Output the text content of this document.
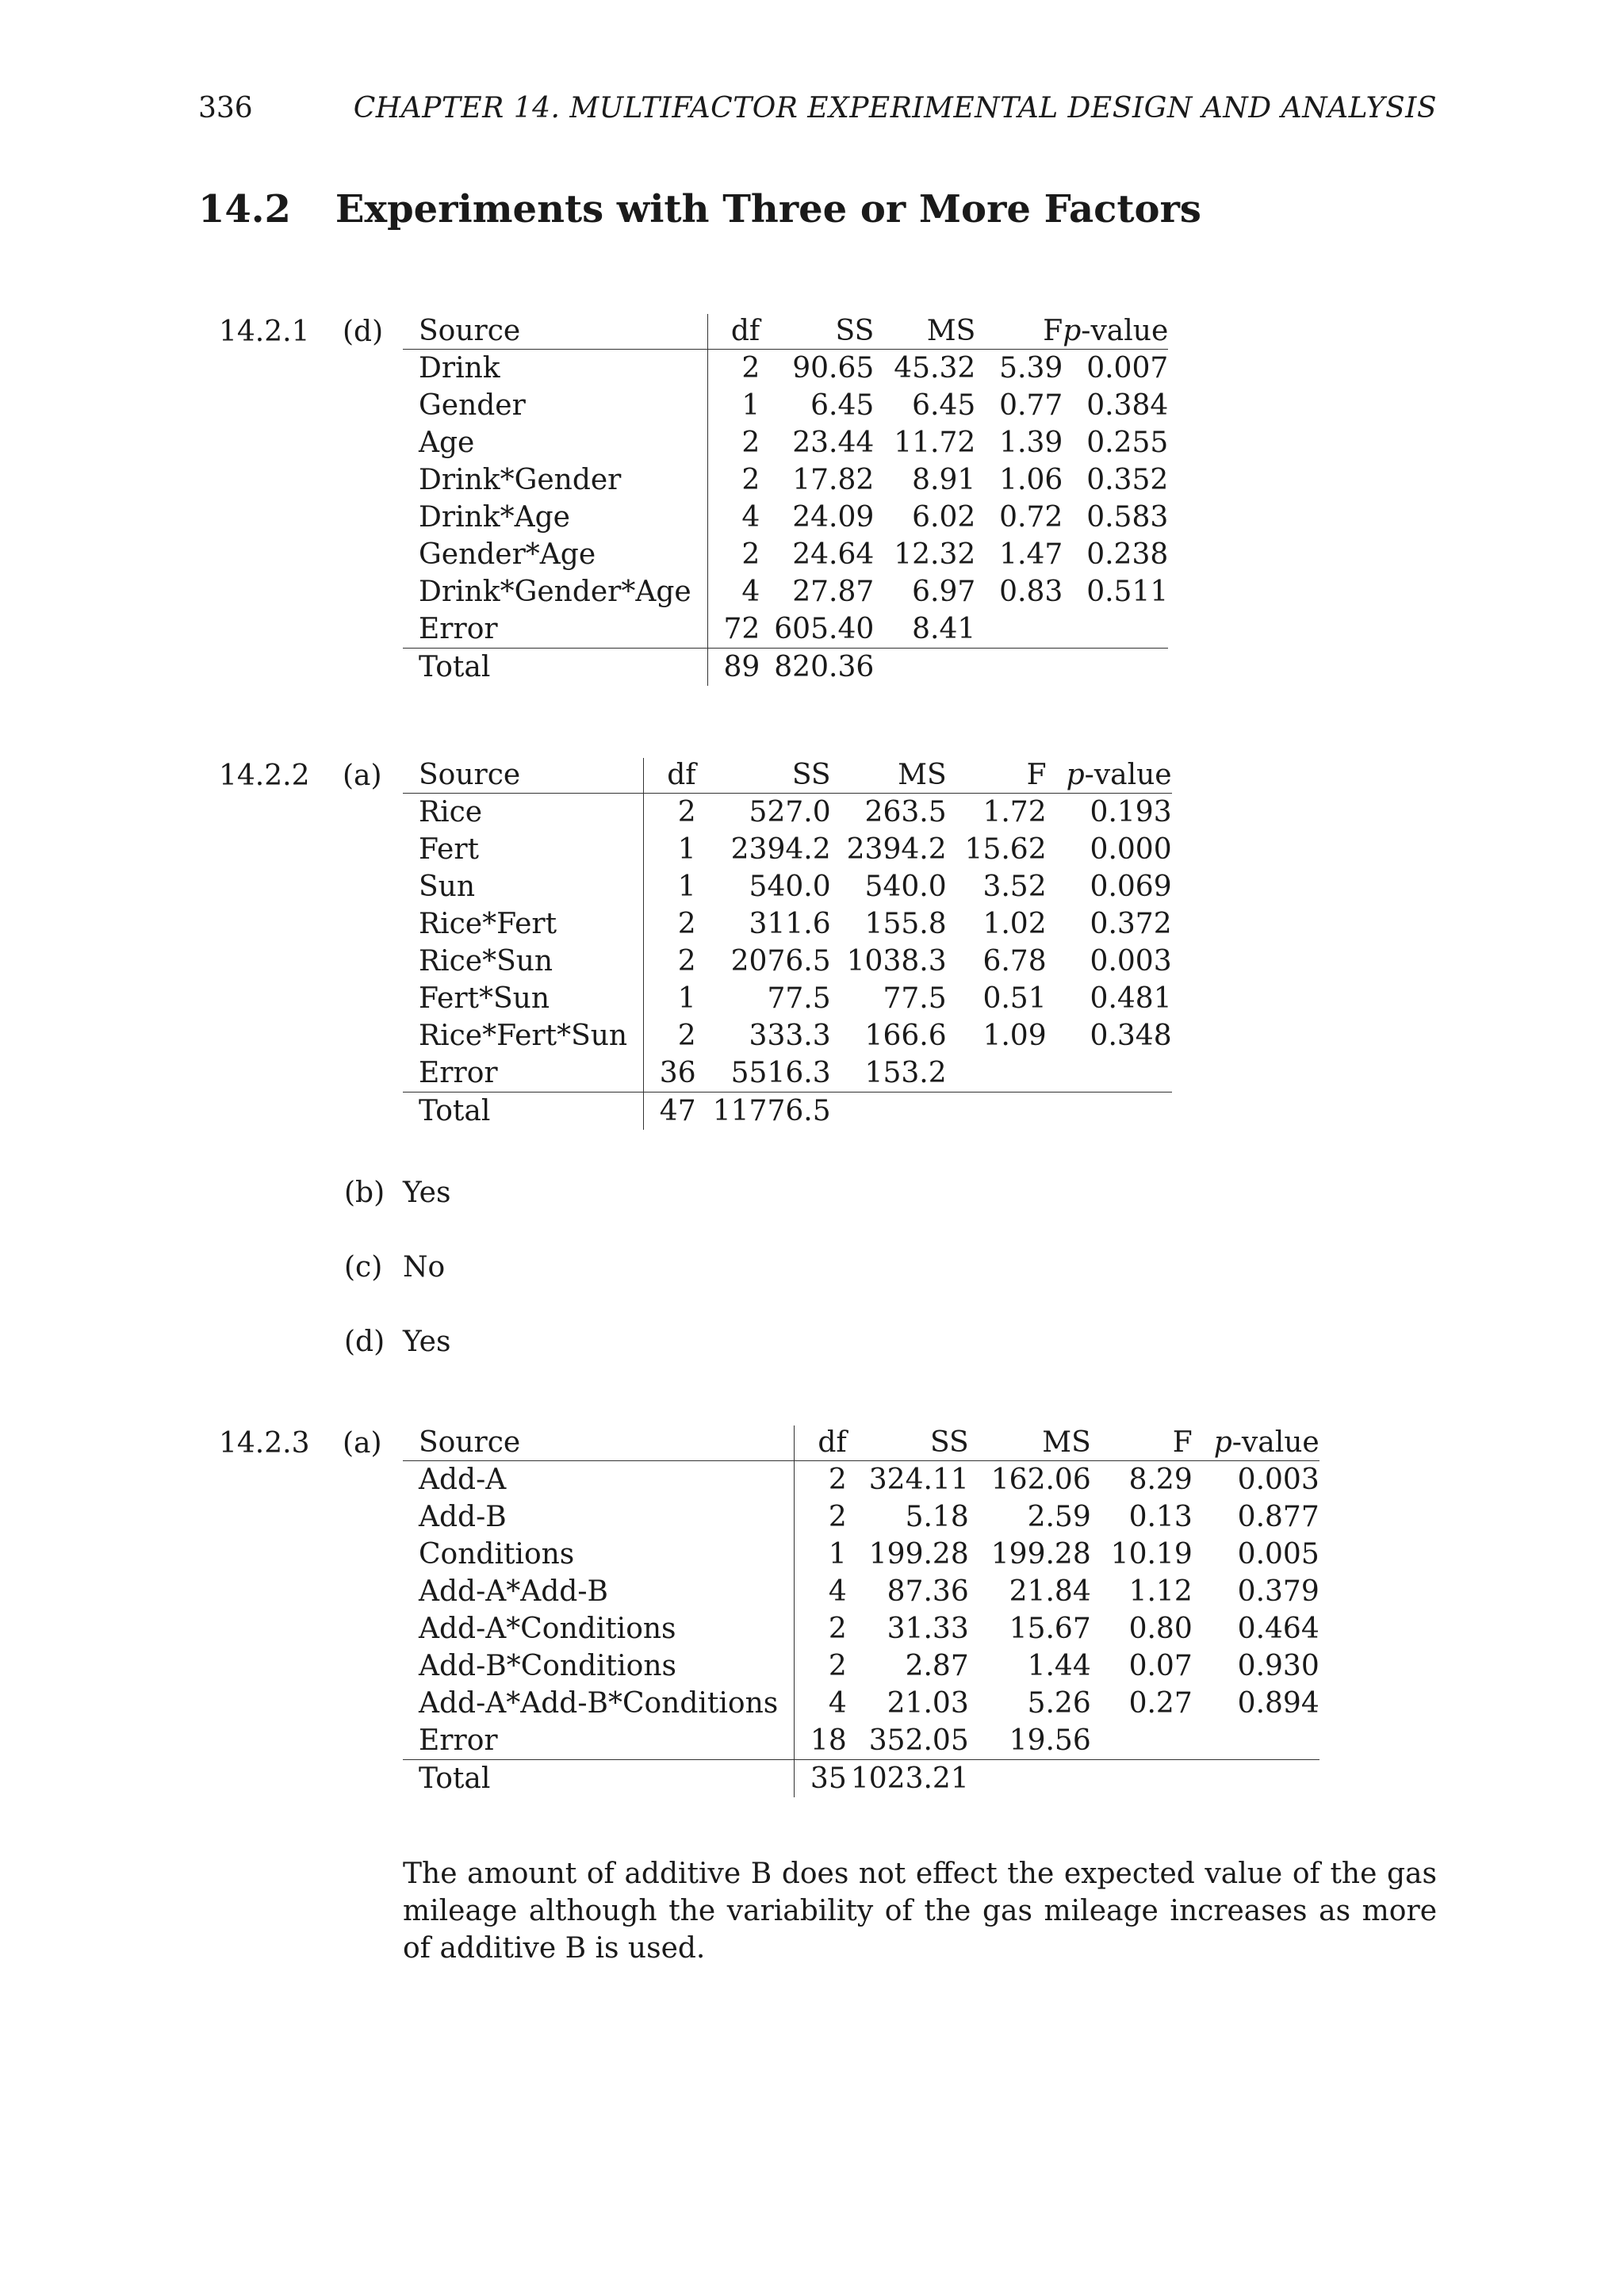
336	CHAPTER 14. MULTIFACTOR EXPERIMENTAL DESIGN AND ANALYSIS
14.2 Experiments with Three or More Factors
14.2.1 (d) Source	df	SS	MS	F	p-value
Drink	2	90.65	45.32	5.39	0.007
Gender	1	6.45	6.45	0.77	0.384
Age	2	23.44	11.72	1.39	0.255
Drink*Gender	2	17.82	8.91	1.06	0.352
Drink*Age	4	24.09	6.02	0.72	0.583
Gender*Age	2	24.64	12.32	1.47	0.238
Drink*Gender*Age	4	27.87	6.97	0.83	0.511
Error	72	605.40	8.41		
Total	89	820.36			
14.2.2 (a) Source	df	SS	MS	F	p-value
Rice	2	527.0	263.5	1.72	0.193
Fert	1	2394.2	2394.2	15.62	0.000
Sun	1	540.0	540.0	3.52	0.069
Rice*Fert	2	311.6	155.8	1.02	0.372
Rice*Sun	2	2076.5	1038.3	6.78	0.003
Fert*Sun	1	77.5	77.5	0.51	0.481
Rice*Fert*Sun	2	333.3	166.6	1.09	0.348
Error	36	5516.3	153.2		
Total	47	11776.5			
(b) Yes
(c) No
(d) Yes
14.2.3 (a) Source	df	SS	MS	F	p-value
Add-A	2	324.11	162.06	8.29	0.003
Add-B	2	5.18	2.59	0.13	0.877
Conditions	1	199.28	199.28	10.19	0.005
Add-A*Add-B	4	87.36	21.84	1.12	0.379
Add-A*Conditions	2	31.33	15.67	0.80	0.464
Add-B*Conditions	2	2.87	1.44	0.07	0.930
Add-A*Add-B*Conditions	4	21.03	5.26	0.27	0.894
Error	18	352.05	19.56		
Total	35	1023.21			

The amount of additive B does not effect the expected value of the gas mileage although the variability of the gas mileage increases as more of additive B is used.
